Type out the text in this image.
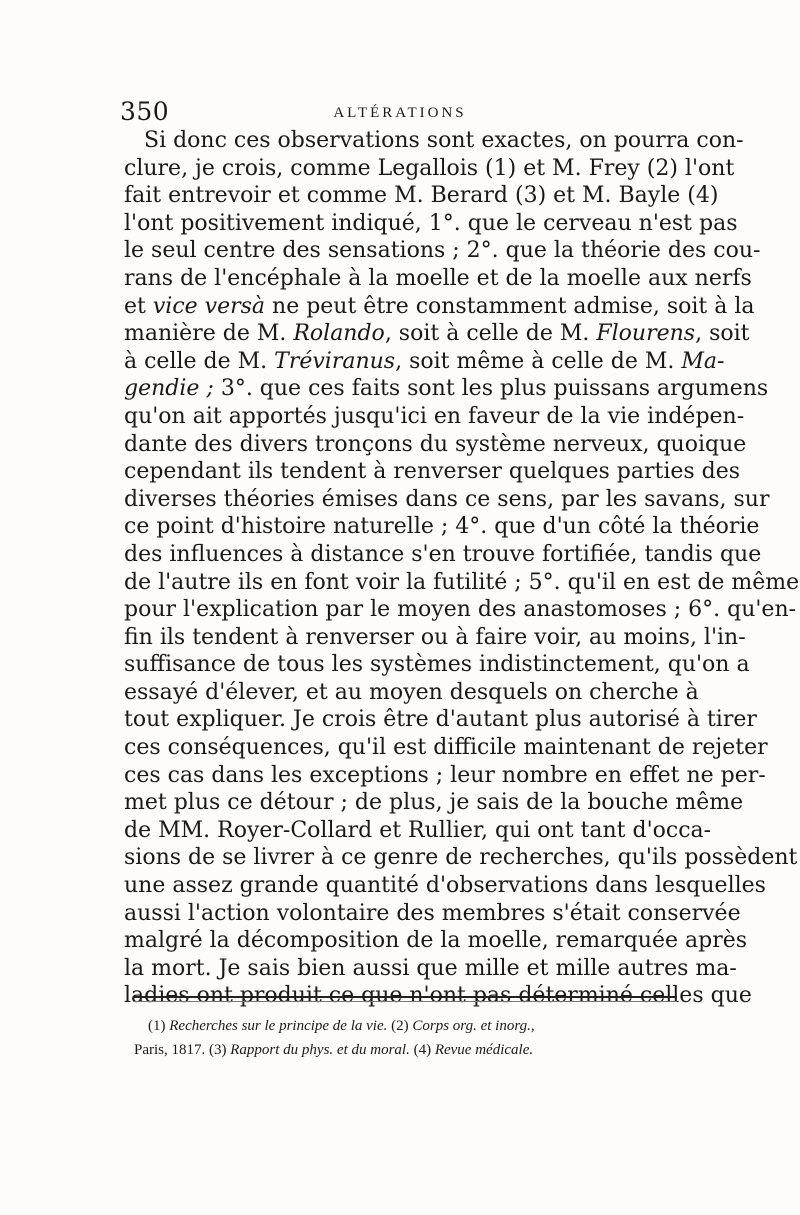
350	ALTÉRATIONS
Si donc ces observations sont exactes, on pourra con-
clure, je crois, comme Legallois (1) et M. Frey (2) l'ont
fait entrevoir et comme M. Berard (3) et M. Bayle (4)
l'ont positivement indiqué, 1°. que le cerveau n'est pas
le seul centre des sensations ; 2°. que la théorie des cou-
rans de l'encéphale à la moelle et de la moelle aux nerfs
et vice versà ne peut être constamment admise, soit à la
manière de M. Rolando, soit à celle de M. Flourens, soit
à celle de M. Tréviranus, soit même à celle de M. Ma-
gendie ; 3°. que ces faits sont les plus puissans argumens
qu'on ait apportés jusqu'ici en faveur de la vie indépen-
dante des divers tronçons du système nerveux, quoique
cependant ils tendent à renverser quelques parties des
diverses théories émises dans ce sens, par les savans, sur
ce point d'histoire naturelle ; 4°. que d'un côté la théorie
des influences à distance s'en trouve fortifiée, tandis que
de l'autre ils en font voir la futilité ; 5°. qu'il en est de même
pour l'explication par le moyen des anastomoses ; 6°. qu'en-
fin ils tendent à renverser ou à faire voir, au moins, l'in-
suffisance de tous les systèmes indistinctement, qu'on a
essayé d'élever, et au moyen desquels on cherche à
tout expliquer. Je crois être d'autant plus autorisé à tirer
ces conséquences, qu'il est difficile maintenant de rejeter
ces cas dans les exceptions ; leur nombre en effet ne per-
met plus ce détour ; de plus, je sais de la bouche même
de MM. Royer-Collard et Rullier, qui ont tant d'occa-
sions de se livrer à ce genre de recherches, qu'ils possèdent
une assez grande quantité d'observations dans lesquelles
aussi l'action volontaire des membres s'était conservée
malgré la décomposition de la moelle, remarquée après
la mort. Je sais bien aussi que mille et mille autres ma-
ladies ont produit ce que n'ont pas déterminé celles que
(1) Recherches sur le principe de la vie. (2) Corps org. et inorg.,
Paris, 1817. (3) Rapport du phys. et du moral. (4) Revue médicale.
